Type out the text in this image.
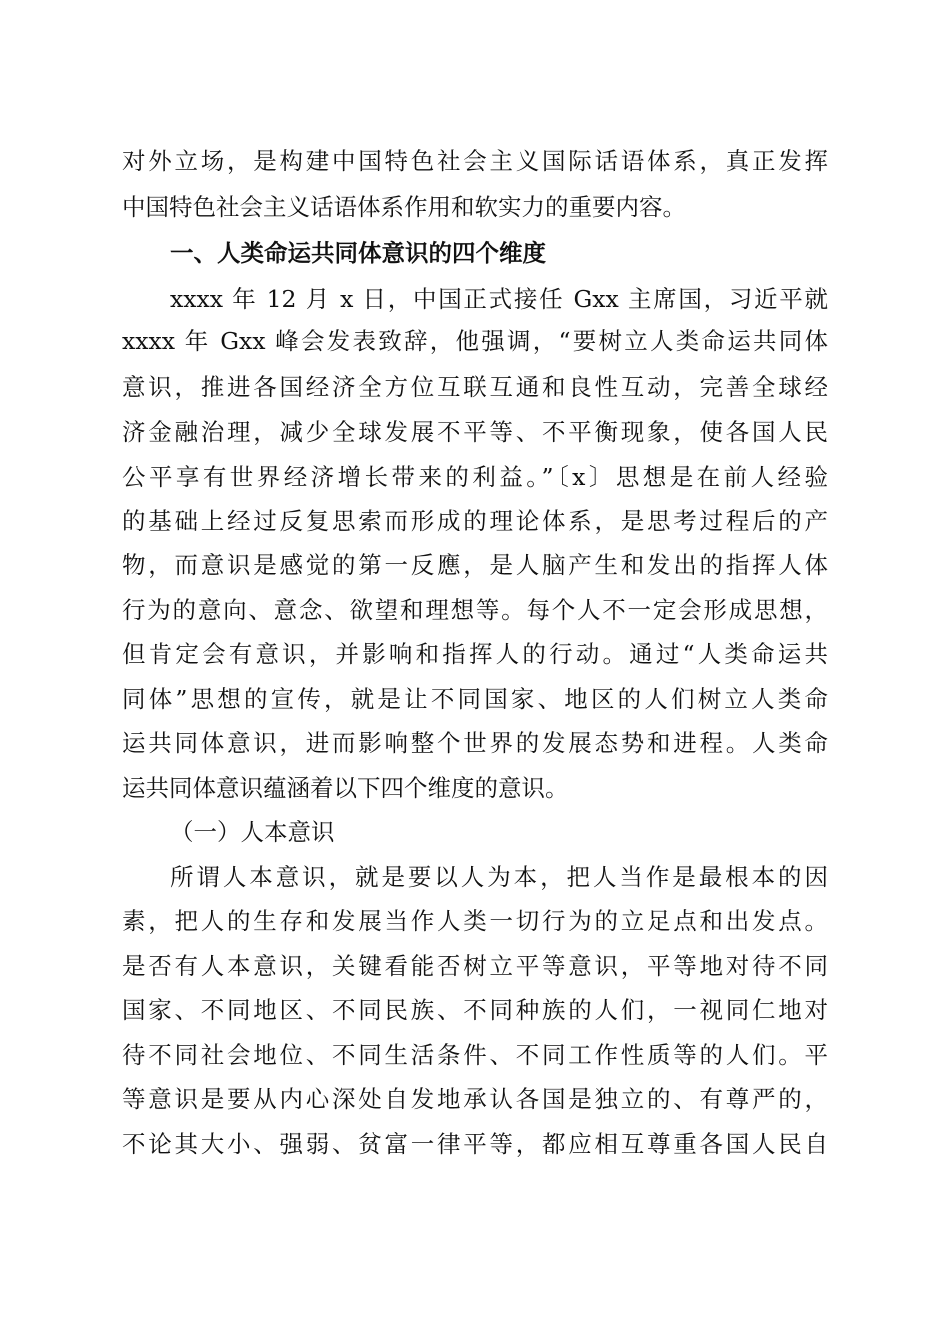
对外立场，是构建中国特色社会主义国际话语体系，真正发挥
中国特色社会主义话语体系作用和软实力的重要内容。
一、人类命运共同体意识的四个维度
xxxx 年 12 月 x 日，中国正式接任 Gxx 主席国，习近平就
xxxx 年 Gxx 峰会发表致辞，他强调，“要树立人类命运共同体
意识，推进各国经济全方位互联互通和良性互动，完善全球经
济金融治理，减少全球发展不平等、不平衡现象，使各国人民
公平享有世界经济增长带来的利益。”〔x〕思想是在前人经验
的基础上经过反复思索而形成的理论体系，是思考过程后的产
物，而意识是感觉的第一反應，是人脑产生和发出的指挥人体
行为的意向、意念、欲望和理想等。每个人不一定会形成思想，
但肯定会有意识，并影响和指挥人的行动。通过“人类命运共
同体”思想的宣传，就是让不同国家、地区的人们树立人类命
运共同体意识，进而影响整个世界的发展态势和进程。人类命
运共同体意识蕴涵着以下四个维度的意识。
（一）人本意识
所谓人本意识，就是要以人为本，把人当作是最根本的因
素，把人的生存和发展当作人类一切行为的立足点和出发点。
是否有人本意识，关键看能否树立平等意识，平等地对待不同
国家、不同地区、不同民族、不同种族的人们，一视同仁地对
待不同社会地位、不同生活条件、不同工作性质等的人们。平
等意识是要从内心深处自发地承认各国是独立的、有尊严的，
不论其大小、强弱、贫富一律平等，都应相互尊重各国人民自
